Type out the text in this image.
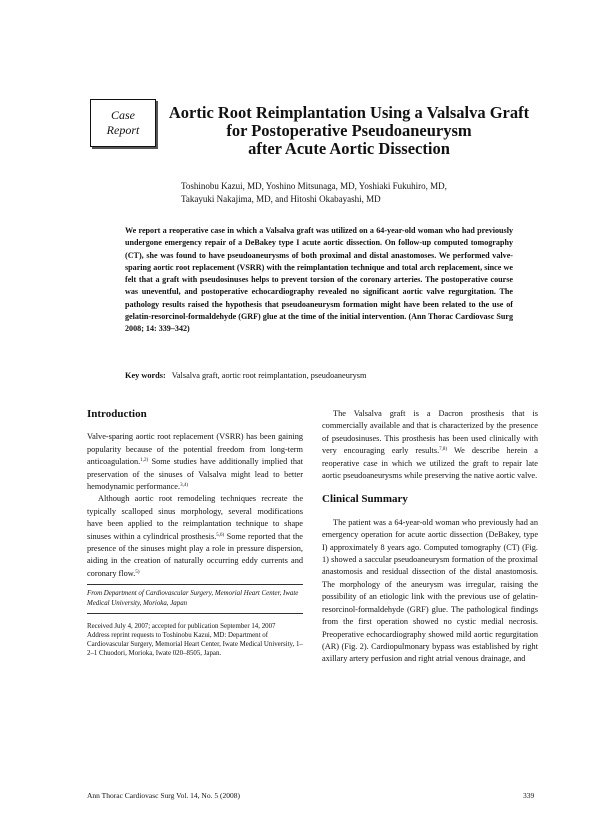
Case
Report
Aortic Root Reimplantation Using a Valsalva Graft
for Postoperative Pseudoaneurysm
after Acute Aortic Dissection
Toshinobu Kazui, MD, Yoshino Mitsunaga, MD, Yoshiaki Fukuhiro, MD,
Takayuki Nakajima, MD, and Hitoshi Okabayashi, MD
We report a reoperative case in which a Valsalva graft was utilized on a 64-year-old woman who had previously undergone emergency repair of a DeBakey type I acute aortic dissection. On follow-up computed tomography (CT), she was found to have pseudoaneurysms of both proximal and distal anastomoses. We performed valve-sparing aortic root replacement (VSRR) with the reimplantation technique and total arch replacement, since we felt that a graft with pseudosinuses helps to prevent torsion of the coronary arteries. The postoperative course was uneventful, and postoperative echocardiography revealed no significant aortic valve regurgitation. The pathology results raised the hypothesis that pseudoaneurysm formation might have been related to the use of gelatin-resorcinol-formaldehyde (GRF) glue at the time of the initial intervention. (Ann Thorac Cardiovasc Surg 2008; 14: 339–342)
Key words: Valsalva graft, aortic root reimplantation, pseudoaneurysm
Introduction

Valve-sparing aortic root replacement (VSRR) has been gaining popularity because of the potential freedom from long-term anticoagulation.$^{1,2)}$ Some studies have additionally implied that preservation of the sinuses of Valsalva might lead to better hemodynamic performance.$^{3,4)}$

Although aortic root remodeling techniques recreate the typically scalloped sinus morphology, several modifications have been applied to the reimplantation technique to shape sinuses within a cylindrical prosthesis.$^{5,6)}$ Some reported that the presence of the sinuses might play a role in pressure dispersion, aiding in the creation of naturally occurring eddy currents and coronary flow.$^{5)}$

From Department of Cardiovascular Surgery, Memorial Heart Center, Iwate Medical University, Morioka, Japan
Received July 4, 2007; accepted for publication September 14, 2007
Address reprint requests to Toshinobu Kazui, MD: Department of Cardiovascular Surgery, Memorial Heart Center, Iwate Medical University, 1–2–1 Chuodori, Morioka, Iwate 020–8505, Japan.

The Valsalva graft is a Dacron prosthesis that is commercially available and that is characterized by the presence of pseudosinuses. This prosthesis has been used clinically with very encouraging early results.$^{7,8)}$ We describe herein a reoperative case in which we utilized the graft to repair late aortic pseudoaneurysms while preserving the native aortic valve.

Clinical Summary

The patient was a 64-year-old woman who previously had an emergency operation for acute aortic dissection (DeBakey, type I) approximately 8 years ago. Computed tomography (CT) (Fig. 1) showed a saccular pseudoaneurysm formation of the proximal anastomosis and residual dissection of the distal anastomosis. The morphology of the aneurysm was irregular, raising the possibility of an etiologic link with the previous use of gelatin-resorcinol-formaldehyde (GRF) glue. The pathological findings from the first operation showed no cystic medial necrosis. Preoperative echocardiography showed mild aortic regurgitation (AR) (Fig. 2). Cardiopulmonary bypass was established by right axillary artery perfusion and right atrial venous drainage, and

Ann Thorac Cardiovasc Surg Vol. 14, No. 5 (2008)	339
